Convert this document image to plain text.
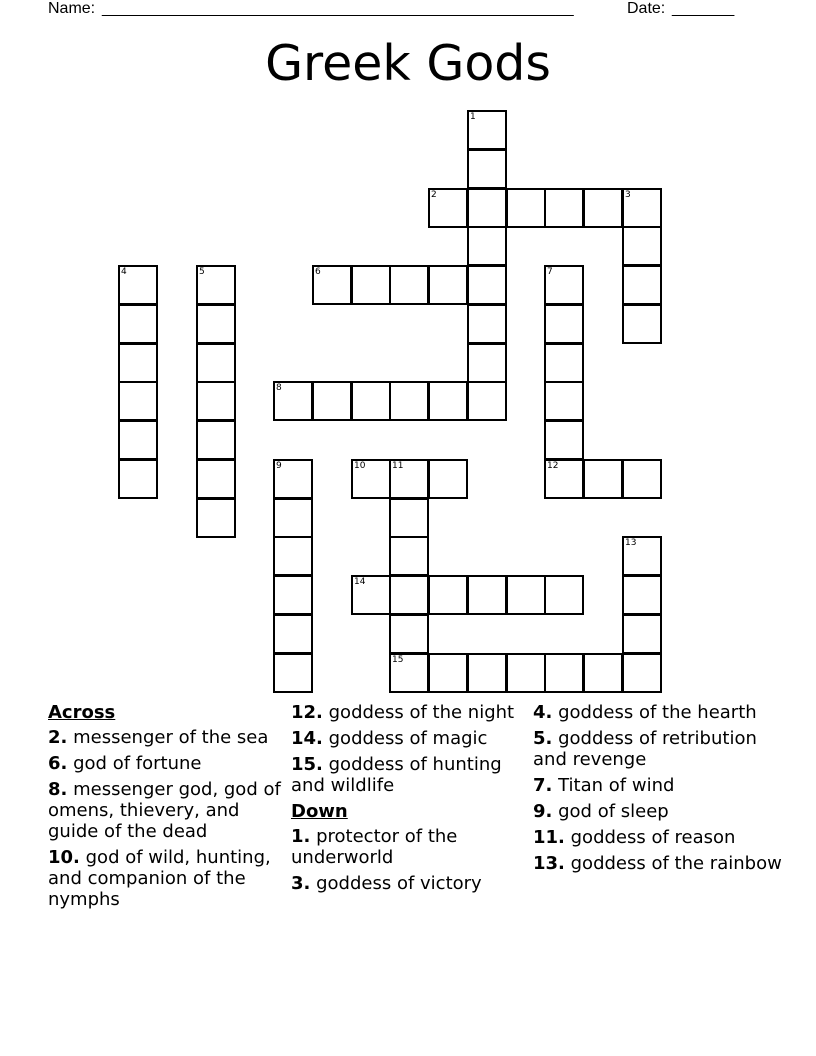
Name: _____________________________________________________	Date: _______
Greek Gods
1
2	3
4	5	6	7
8
9	10	11	12
13
14
15
Across
2. messenger of the sea
6. god of fortune
8. messenger god, god of omens, thievery, and guide of the dead
10. god of wild, hunting, and companion of the nymphs
12. goddess of the night
14. goddess of magic
15. goddess of hunting and wildlife
Down
1. protector of the underworld
3. goddess of victory
4. goddess of the hearth
5. goddess of retribution and revenge
7. Titan of wind
9. god of sleep
11. goddess of reason
13. goddess of the rainbow
